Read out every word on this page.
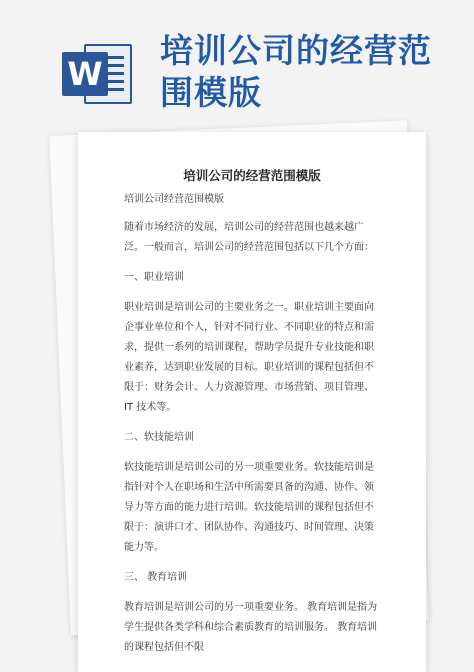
W
培训公司的经营范围模版
培训公司的经营范围模版

培训公司经营范围模版

随着市场经济的发展，培训公司的经营范围也越来越广泛。一般而言，培训公司的经营范围包括以下几个方面：

一、职业培训

职业培训是培训公司的主要业务之一。职业培训主要面向企事业单位和个人，针对不同行业、不同职业的特点和需求，提供一系列的培训课程，帮助学员提升专业技能和职业素养，达到职业发展的目标。职业培训的课程包括但不限于：财务会计、人力资源管理、市场营销、项目管理、 IT 技术等。

二、软技能培训

软技能培训是培训公司的另一项重要业务。软技能培训是指针对个人在职场和生活中所需要具备的沟通、协作、领导力等方面的能力进行培训。软技能培训的课程包括但不限于：演讲口才、团队协作、沟通技巧、时间管理、决策能力等。

三、 教育培训

教育培训是培训公司的另一项重要业务。 教育培训是指为学生提供各类学科和综合素质教育的培训服务。 教育培训的课程包括但不限
